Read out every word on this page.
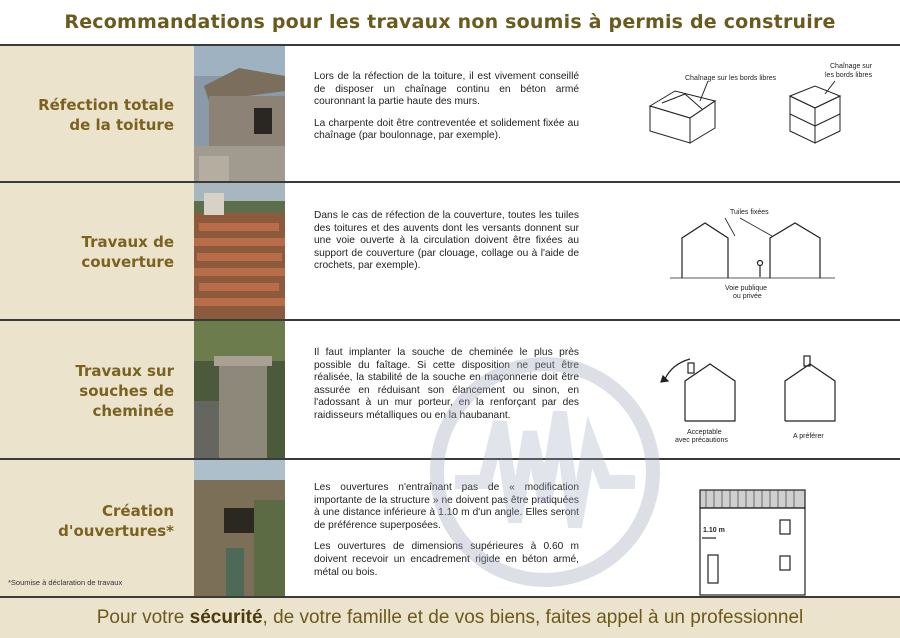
Recommandations pour les travaux non soumis à permis de construire
Réfection totale
de la toiture

Lors de la réfection de la toiture, il est vivement conseillé de disposer un chaînage continu en béton armé couronnant la partie haute des murs.

La charpente doit être contreventée et solidement fixée au chaînage (par boulonnage, par exemple).

Chaînage sur les bords libres
Chaînage sur
les bords libres
Travaux de
couverture

Dans le cas de réfection de la couverture, toutes les tuiles des toitures et des auvents dont les versants donnent sur une voie ouverte à la circulation doivent être fixées au support de couverture (par clouage, collage ou à l'aide de crochets, par exemple).

Tuiles fixées
Voie publique
ou privée
Travaux sur
souches de
cheminée

Il faut implanter la souche de cheminée le plus près possible du faîtage. Si cette disposition ne peut être réalisée, la stabilité de la souche en maçonnerie doit être assurée en réduisant son élancement ou sinon, en l'adossant à un mur porteur, en la renforçant par des raidisseurs métalliques ou en la haubanant.

Acceptable
avec précautions
A préférer
Création
d'ouvertures*
*Soumise à déclaration de travaux

Les ouvertures n'entraînant pas de « modification importante de la structure » ne doivent pas être pratiquées à une distance inférieure à 1.10 m d'un angle. Elles seront de préférence superposées.

Les ouvertures de dimensions supérieures à 0.60 m doivent recevoir un encadrement rigide en béton armé, métal ou bois.

1.10 m
Pour votre sécurité , de votre famille et de vos biens, faites appel à un professionnel
